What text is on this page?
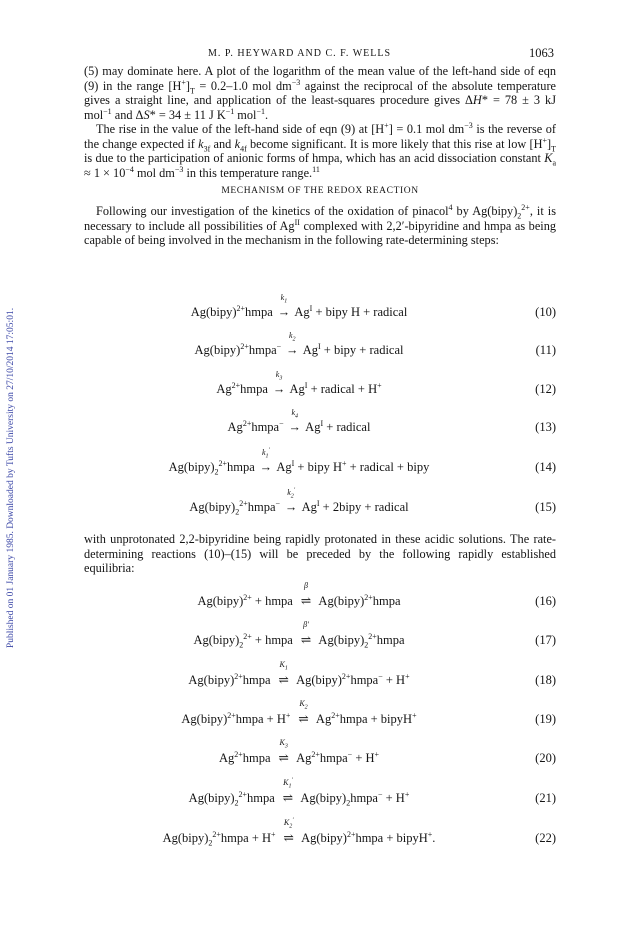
Published on 01 January 1985. Downloaded by Tufts University on 27/10/2014 17:05:01.
M. P. HEYWARD AND C. F. WELLS	1063

(5) may dominate here. A plot of the logarithm of the mean value of the left-hand side of eqn (9) in the range $[H^+]_T = 0.2-1.0$ mol $dm^{-3}$ against the reciprocal of the absolute temperature gives a straight line, and application of the least-squares procedure gives ΔH* = 78 ± 3 kJ mol$^{-1}$ and ΔS* = 34 ± 11 J $K^{-1}$ mol$^{-1}$.

The rise in the value of the left-hand side of eqn (9) at [H+] = 0.1 mol $dm^{-3}$ is the reverse of the change expected if $k_{3f}$ and $k_{4f}$ become significant. It is more likely that this rise at low $[H^+]_T$ is due to the participation of anionic forms of hmpa, which has an acid dissociation constant $K_a \approx 1 \times 10^{-4}$ mol $dm^{-3}$ in this temperature range.$^{11}$

MECHANISM OF THE REDOX REACTION

Following our investigation of the kinetics of the oxidation of pinacol$^4$ by $Ag(bipy)_2^{2+}$, it is necessary to include all possibilities of $Ag^{II}$ complexed with 2,2′-bipyridine and hmpa as being capable of being involved in the mechanism in the following rate-determining steps:

Ag(bipy)$^{2+}$hmpa
$k_1$
→ $Ag^I$ + bipy H + radical	(10)
Ag(bipy)$^{2+}$hmpa−
$k_2$
→ $Ag^I$ + bipy + radical	(11)
$Ag^{2+}hmpa$
$k_3$
→ $Ag^I$ + radical + H+	(12)
$Ag^{2+}hmpa^-$
$k_4$
→ $Ag^I$ + radical	(13)
$Ag(bipy)_2^{2+}hmpa$
$k_1'$
→ $Ag^I$ + bipy H+ + radical + bipy	(14)
$Ag(bipy)_2^{2+}hmpa^-$
$k_2'$
→ $Ag^I$ + 2bipy + radical	(15)

with unprotonated 2,2-bipyridine being rapidly protonated in these acidic solutions. The rate-determining reactions (10)–(15) will be preceded by the following rapidly established equilibria:

Ag(bipy)$^{2+}$ + hmpa
β
⇌ Ag(bipy)$^{2+}$hmpa	(16)
$Ag(bipy)_2^{2+}$ + hmpa
β′
⇌ $Ag(bipy)_2^{2+}hmpa$	(17)
Ag(bipy)$^{2+}$hmpa
$K_1$
⇌ Ag(bipy)$^{2+}$hmpa− + H+	(18)
Ag(bipy)$^{2+}$hmpa + H+
$K_2$
⇌ $Ag^{2+}hmpa$ + bipyH+	(19)
$Ag^{2+}hmpa$
$K_3$
⇌ $Ag^{2+}hmpa^- + H^+$	(20)
$Ag(bipy)_2^{2+}hmpa$
$K_1'$
⇌ $Ag(bipy)_2hmpa^- + H^+$	(21)
$Ag(bipy)_2^{2+}hmpa + H^+$
$K_2'$
⇌ Ag(bipy)$^{2+}$hmpa + bipyH+.	(22)
